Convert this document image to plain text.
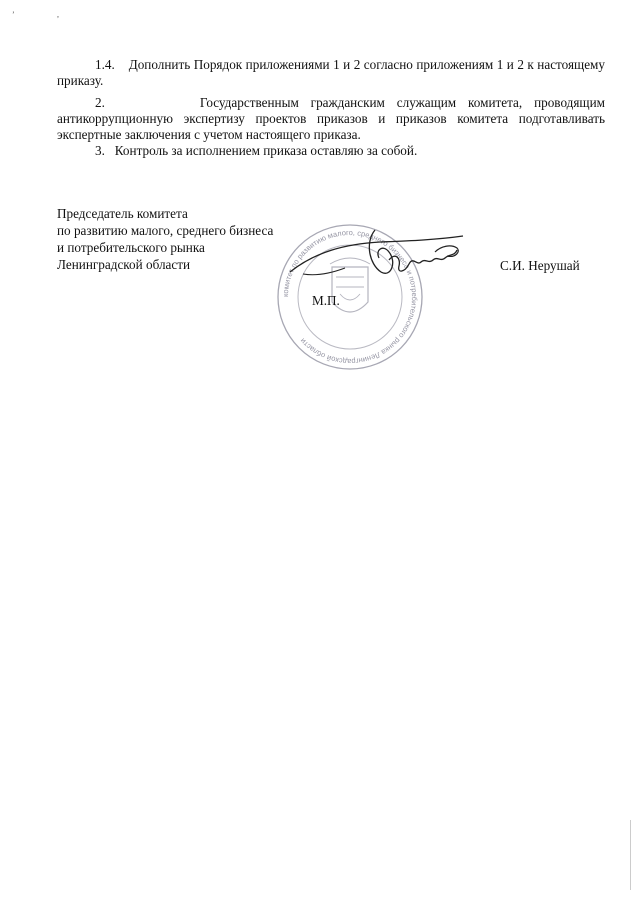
’	,
1.4. Дополнить Порядок приложениями 1 и 2 согласно приложениям 1 и 2 к настоящему приказу.
2.	Государственным гражданским служащим комитета, проводящим антикоррупционную экспертизу проектов приказов и приказов комитета подготавливать экспертные заключения с учетом настоящего приказа.
3. Контроль за исполнением приказа оставляю за собой.
Председатель комитета
по развитию малого, среднего бизнеса
и потребительского рынка
Ленинградской области
комитет по развитию малого, среднего бизнеса и потребительского рынка Ленинградской области
М.П.
С.И. Нерушай
